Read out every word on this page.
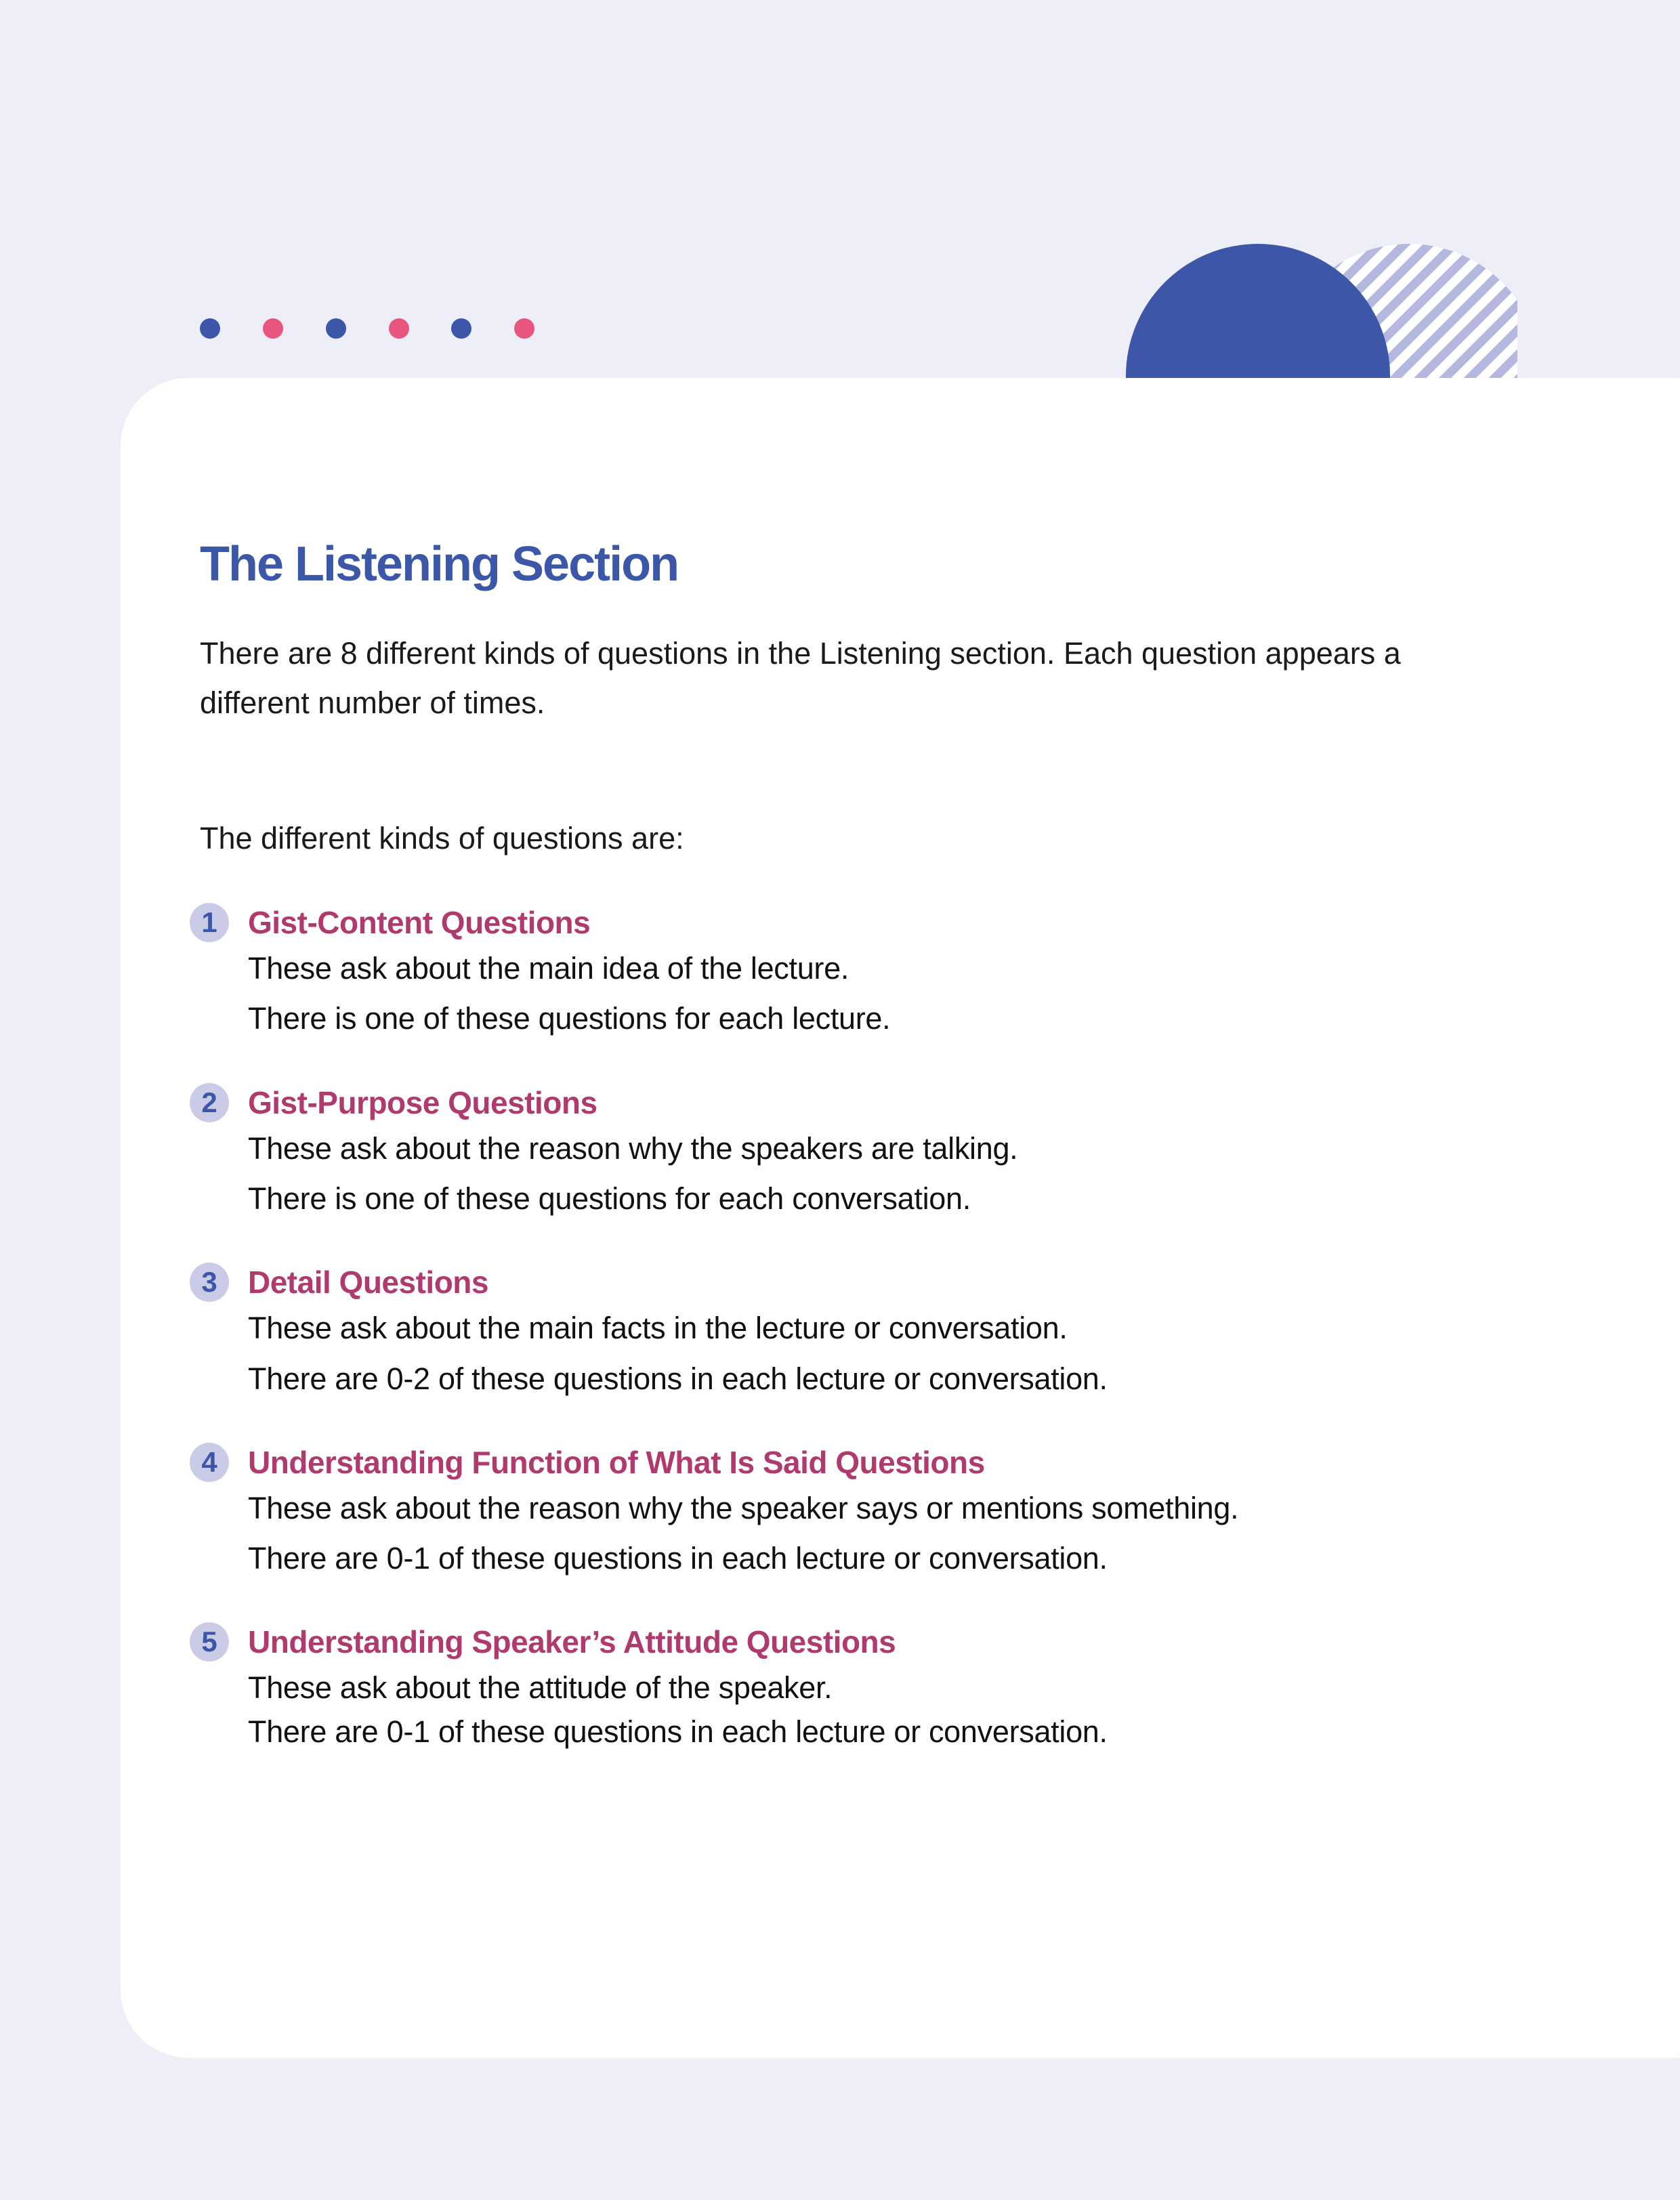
The Listening Section

There are 8 different kinds of questions in the Listening section. Each question appears a different number of times.

The different kinds of questions are:

1 Gist-Content Questions
These ask about the main idea of the lecture.
There is one of these questions for each lecture.
2 Gist-Purpose Questions
These ask about the reason why the speakers are talking.
There is one of these questions for each conversation.
3 Detail Questions
These ask about the main facts in the lecture or conversation.
There are 0-2 of these questions in each lecture or conversation.
4 Understanding Function of What Is Said Questions
These ask about the reason why the speaker says or mentions something.
There are 0-1 of these questions in each lecture or conversation.
5 Understanding Speaker’s Attitude Questions
These ask about the attitude of the speaker.
There are 0-1 of these questions in each lecture or conversation.
